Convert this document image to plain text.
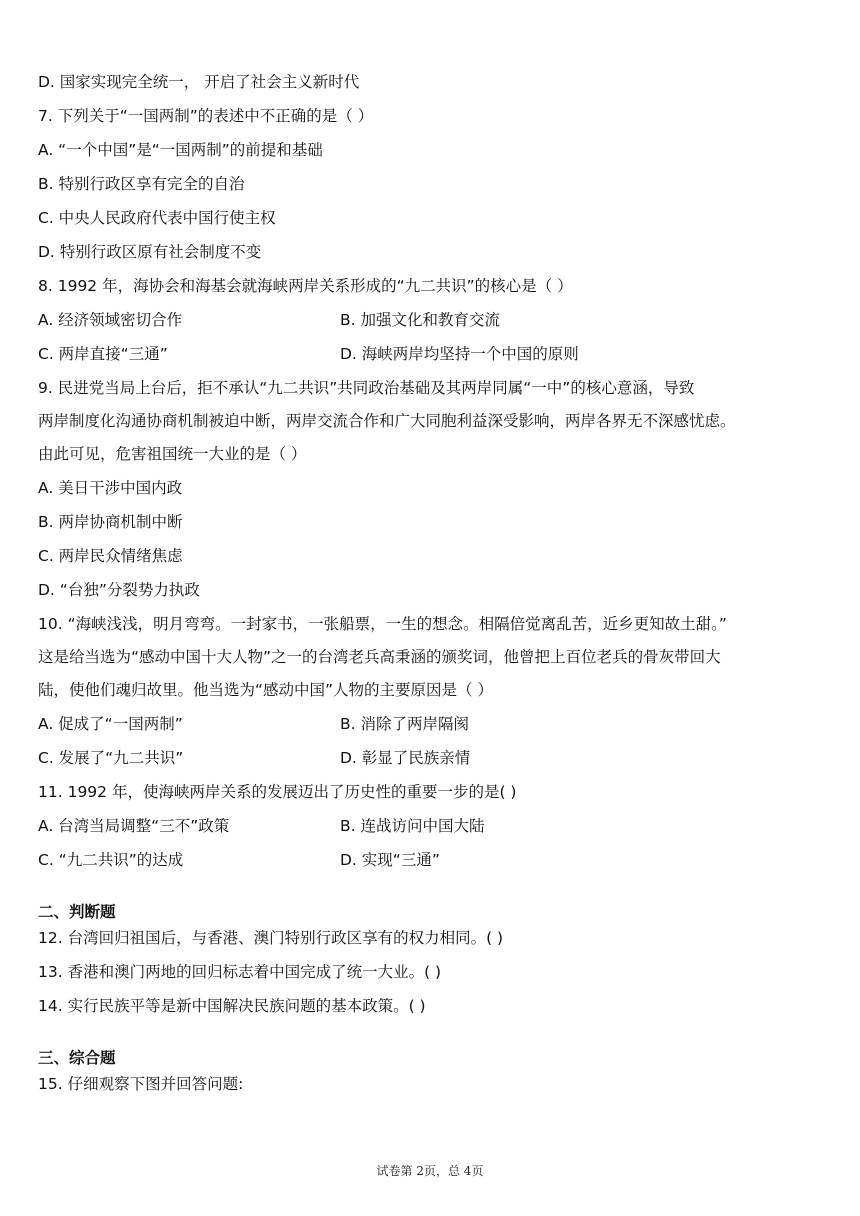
D. 国家实现完全统一， 开启了社会主义新时代
7. 下列关于“一国两制”的表述中不正确的是（ ）
A. “一个中国”是“一国两制”的前提和基础
B. 特别行政区享有完全的自治
C. 中央人民政府代表中国行使主权
D. 特别行政区原有社会制度不变
8. 1992 年，海协会和海基会就海峡两岸关系形成的“九二共识”的核心是（ ）
A. 经济领域密切合作	B. 加强文化和教育交流
C. 两岸直接“三通”	D. 海峡两岸均坚持一个中国的原则
9. 民进党当局上台后，拒不承认“九二共识”共同政治基础及其两岸同属“一中”的核心意涵，导致
两岸制度化沟通协商机制被迫中断，两岸交流合作和广大同胞利益深受影响，两岸各界无不深感忧虑。
由此可见，危害祖国统一大业的是（ ）
A. 美日干涉中国内政
B. 两岸协商机制中断
C. 两岸民众情绪焦虑
D. “台独”分裂势力执政
10. “海峡浅浅，明月弯弯。一封家书，一张船票，一生的想念。相隔倍觉离乱苦，近乡更知故土甜。”
这是给当选为“感动中国十大人物”之一的台湾老兵高秉涵的颁奖词，他曾把上百位老兵的骨灰带回大
陆，使他们魂归故里。他当选为“感动中国”人物的主要原因是（ ）
A. 促成了“一国两制”	B. 消除了两岸隔阂
C. 发展了“九二共识”	D. 彰显了民族亲情
11. 1992 年，使海峡两岸关系的发展迈出了历史性的重要一步的是( )
A. 台湾当局调整“三不”政策	B. 连战访问中国大陆
C. “九二共识”的达成	D. 实现“三通”
二、判断题
12. 台湾回归祖国后，与香港、澳门特别行政区享有的权力相同。( )
13. 香港和澳门两地的回归标志着中国完成了统一大业。( )
14. 实行民族平等是新中国解决民族问题的基本政策。( )
三、综合题
15. 仔细观察下图并回答问题:
试卷第 2页，总 4页
